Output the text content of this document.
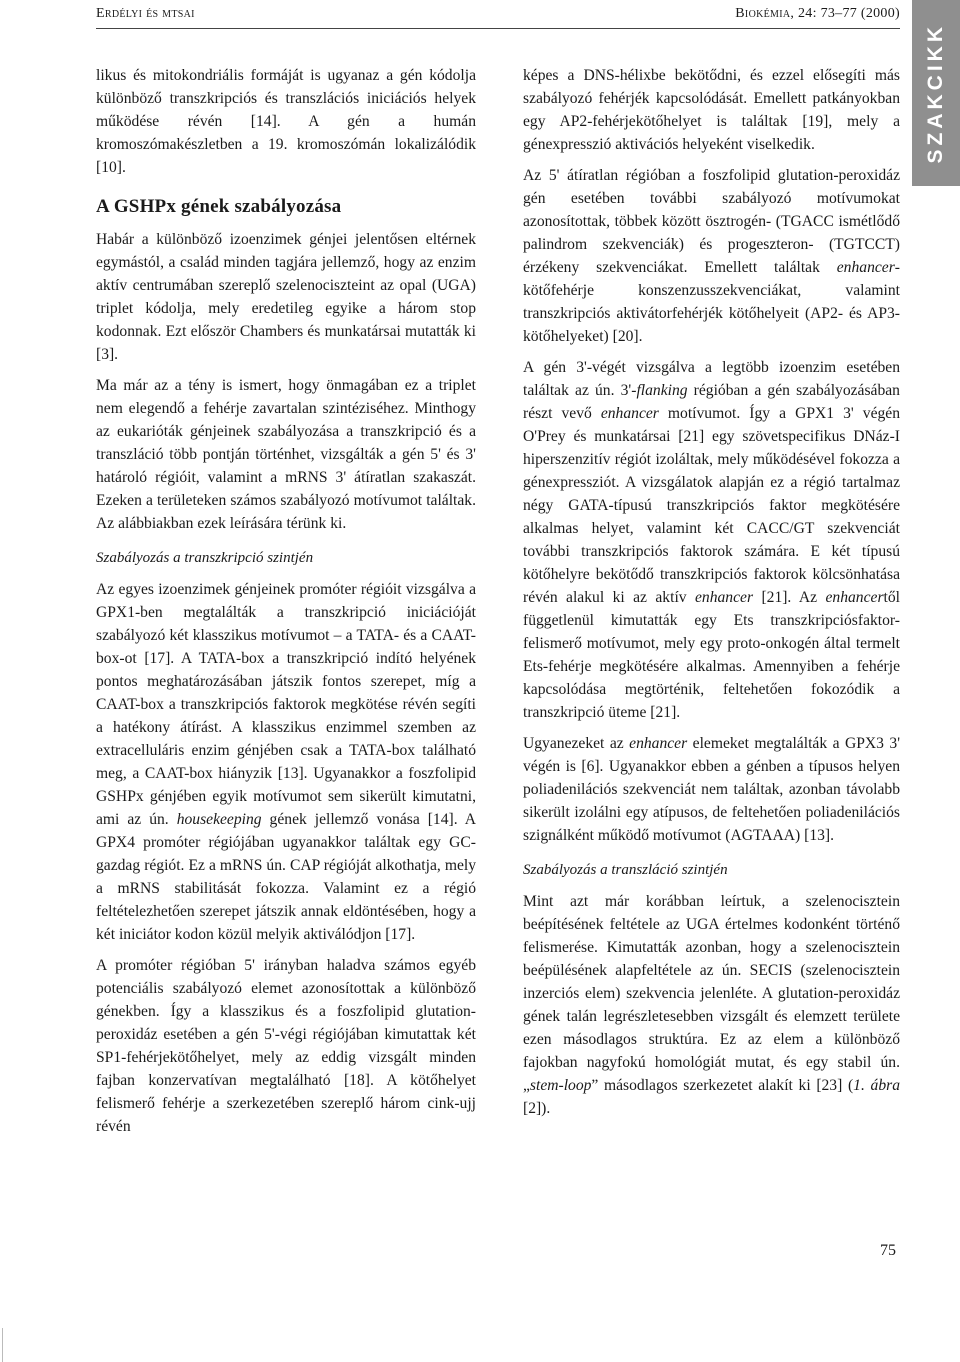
Erdélyi és mtsai	Biokémia, 24: 73–77 (2000)
SZAKCIKK

likus és mitokondriális formáját is ugyanaz a gén kódolja különböző transzkripciós és transzlációs iniciációs helyek működése révén [14]. A gén a humán kromoszómakészletben a 19. kromoszómán lokalizálódik [10].

A GSHPx gének szabályozása

Habár a különböző izoenzimek génjei jelentősen eltérnek egymástól, a család minden tagjára jellemző, hogy az enzim aktív centrumában szereplő szelenociszteint az opal (UGA) triplet kódolja, mely eredetileg egyike a három stop kodonnak. Ezt először Chambers és munkatársai mutatták ki [3].

Ma már az a tény is ismert, hogy önmagában ez a triplet nem elegendő a fehérje zavartalan szintéziséhez. Minthogy az eukarióták génjeinek szabályozása a transzkripció és a transzláció több pontján történhet, vizsgálták a gén 5' és 3' határoló régióit, valamint a mRNS 3' átíratlan szakaszát. Ezeken a területeken számos szabályozó motívumot találtak. Az alábbiakban ezek leírására térünk ki.

Szabályozás a transzkripció szintjén

Az egyes izoenzimek génjeinek promóter régióit vizsgálva a GPX1-ben megtalálták a transzkripció iniciációját szabályozó két klasszikus motívumot – a TATA- és a CAAT-box-ot [17]. A TATA-box a transzkripció indító helyének pontos meghatározásában játszik fontos szerepet, míg a CAAT-box a transzkripciós faktorok megkötése révén segíti a hatékony átírást. A klasszikus enzimmel szemben az extracelluláris enzim génjében csak a TATA-box található meg, a CAAT-box hiányzik [13]. Ugyanakkor a foszfolipid GSHPx génjében egyik motívumot sem sikerült kimutatni, ami az ún. housekeeping gének jellemző vonása [14]. A GPX4 promóter régiójában ugyanakkor találtak egy GC-gazdag régiót. Ez a mRNS ún. CAP régióját alkothatja, mely a mRNS stabilitását fokozza. Valamint ez a régió feltételezhetően szerepet játszik annak eldöntésében, hogy a két iniciátor kodon közül melyik aktiválódjon [17].

A promóter régióban 5' irányban haladva számos egyéb potenciális szabályozó elemet azonosítottak a különböző génekben. Így a klasszikus és a foszfolipid glutation-peroxidáz esetében a gén 5'-végi régiójában kimutattak két SP1-fehérjekötőhelyet, mely az eddig vizsgált minden fajban konzervatívan megtalálható [18]. A kötőhelyet felismerő fehérje a szerkezetében szereplő három cink-ujj révén

képes a DNS-hélixbe bekötődni, és ezzel elősegíti más szabályozó fehérjék kapcsolódását. Emellett patkányokban egy AP2-fehérjekötőhelyet is találtak [19], mely a génexpresszió aktivációs helyeként viselkedik.

Az 5' átíratlan régióban a foszfolipid glutation-peroxidáz gén esetében további szabályozó motívumokat azonosítottak, többek között ösztrogén- (TGACC ismétlődő palindrom szekvenciák) és progeszteron- (TGTCCT) érzékeny szekvenciákat. Emellett találtak enhancer-kötőfehérje konszenzusszekvenciákat, valamint transzkripciós aktivátorfehérjék kötőhelyeit (AP2- és AP3-kötőhelyeket) [20].

A gén 3'-végét vizsgálva a legtöbb izoenzim esetében találtak az ún. 3'-flanking régióban a gén szabályozásában részt vevő enhancer motívumot. Így a GPX1 3' végén O'Prey és munkatársai [21] egy szövetspecifikus DNáz-I hiperszenzitív régiót izoláltak, mely működésével fokozza a génexpressziót. A vizsgálatok alapján ez a régió tartalmaz négy GATA-típusú transzkripciós faktor megkötésére alkalmas helyet, valamint két CACC/GT szekvenciát további transzkripciós faktorok számára. E két típusú kötőhelyre bekötődő transzkripciós faktorok kölcsönhatása révén alakul ki az aktív enhancer [21]. Az enhancertől függetlenül kimutatták egy Ets transzkripciósfaktor-felismerő motívumot, mely egy proto-onkogén által termelt Ets-fehérje megkötésére alkalmas. Amennyiben a fehérje kapcsolódása megtörténik, feltehetően fokozódik a transzkripció üteme [21].

Ugyanezeket az enhancer elemeket megtalálták a GPX3 3' végén is [6]. Ugyanakkor ebben a génben a típusos helyen poliadenilációs szekvenciát nem találtak, azonban távolabb sikerült izolálni egy atípusos, de feltehetően poliadenilációs szignálként működő motívumot (AGTAAA) [13].

Szabályozás a transzláció szintjén

Mint azt már korábban leírtuk, a szelenocisztein beépítésének feltétele az UGA értelmes kodonként történő felismerése. Kimutatták azonban, hogy a szelenocisztein beépülésének alapfeltétele az ún. SECIS (szelenocisztein inzerciós elem) szekvencia jelenléte. A glutation-peroxidáz gének talán legrészletesebben vizsgált és elemzett területe ezen másodlagos struktúra. Ez az elem a különböző fajokban nagyfokú homológiát mutat, és egy stabil ún. „stem-loop” másodlagos szerkezetet alakít ki [23] (1. ábra [2]).

75
